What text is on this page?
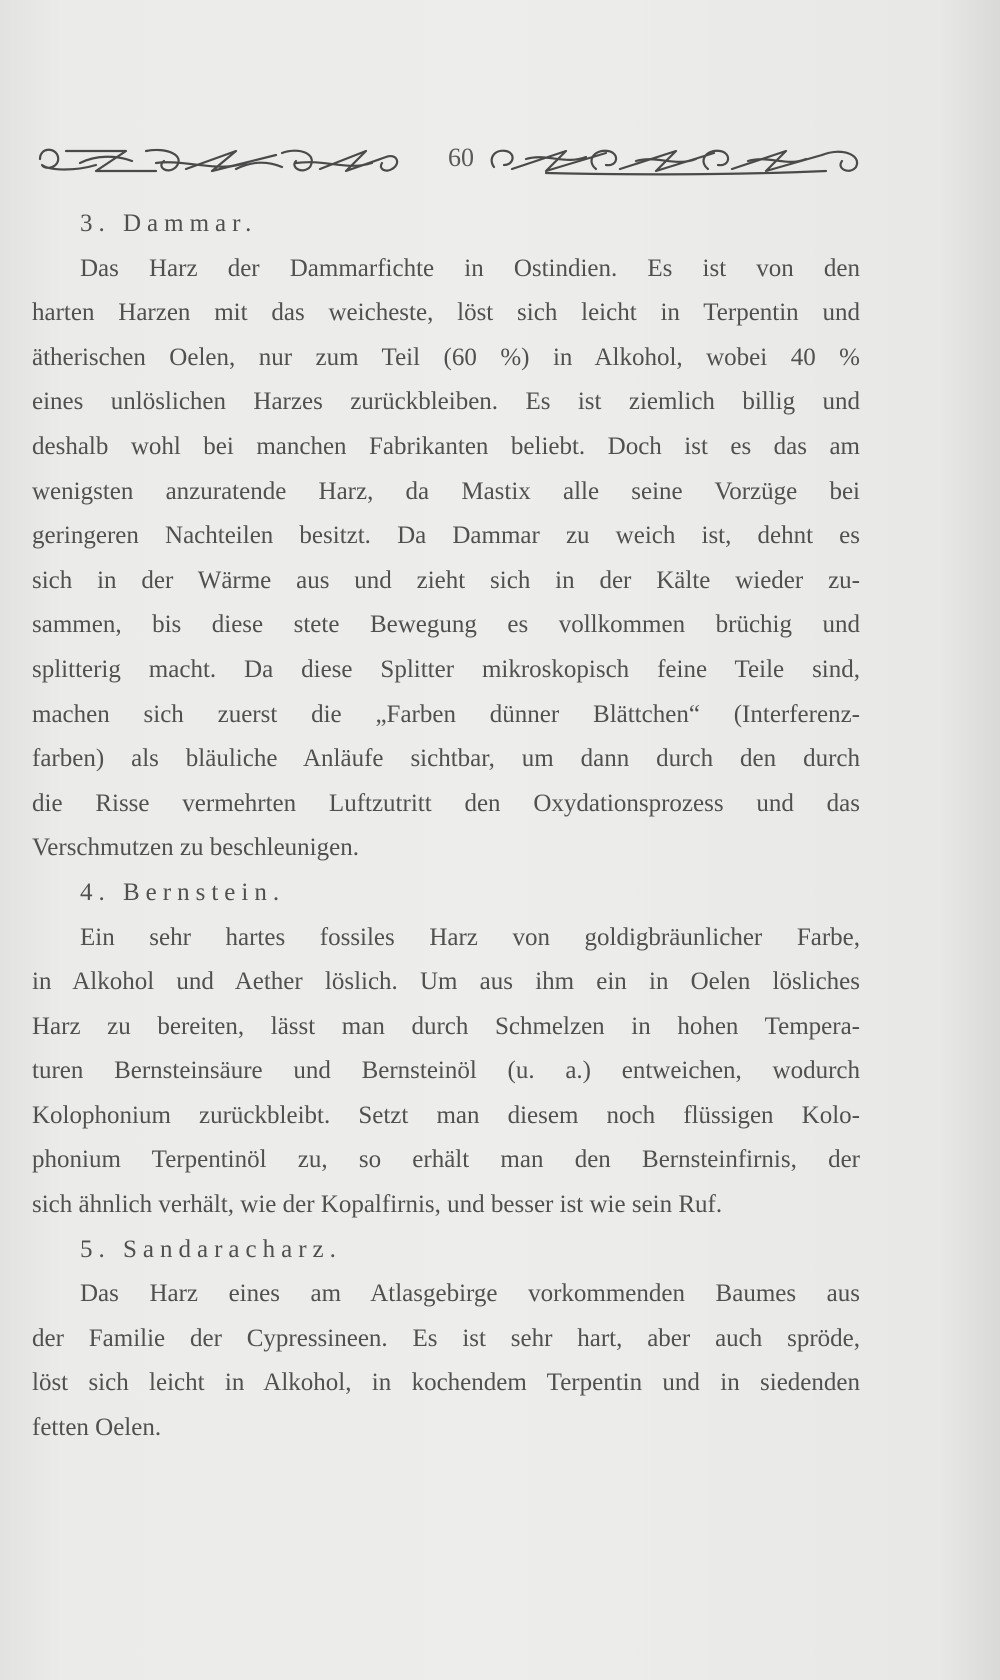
60
3. Dammar.
Das Harz der Dammarfichte in Ostindien. Es ist von den
harten Harzen mit das weicheste, löst sich leicht in Terpentin und
ätherischen Oelen, nur zum Teil (60 %) in Alkohol, wobei 40 %
eines unlöslichen Harzes zurückbleiben. Es ist ziemlich billig und
deshalb wohl bei manchen Fabrikanten beliebt. Doch ist es das am
wenigsten anzuratende Harz, da Mastix alle seine Vorzüge bei
geringeren Nachteilen besitzt. Da Dammar zu weich ist, dehnt es
sich in der Wärme aus und zieht sich in der Kälte wieder zu-
sammen, bis diese stete Bewegung es vollkommen brüchig und
splitterig macht. Da diese Splitter mikroskopisch feine Teile sind,
machen sich zuerst die „Farben dünner Blättchen“ (Interferenz-
farben) als bläuliche Anläufe sichtbar, um dann durch den durch
die Risse vermehrten Luftzutritt den Oxydationsprozess und das
Verschmutzen zu beschleunigen.
4. Bernstein.
Ein sehr hartes fossiles Harz von goldigbräunlicher Farbe,
in Alkohol und Aether löslich. Um aus ihm ein in Oelen lösliches
Harz zu bereiten, lässt man durch Schmelzen in hohen Tempera-
turen Bernsteinsäure und Bernsteinöl (u. a.) entweichen, wodurch
Kolophonium zurückbleibt. Setzt man diesem noch flüssigen Kolo-
phonium Terpentinöl zu, so erhält man den Bernsteinfirnis, der
sich ähnlich verhält, wie der Kopalfirnis, und besser ist wie sein Ruf.
5. Sandaracharz.
Das Harz eines am Atlasgebirge vorkommenden Baumes aus
der Familie der Cypressineen. Es ist sehr hart, aber auch spröde,
löst sich leicht in Alkohol, in kochendem Terpentin und in siedenden
fetten Oelen.
